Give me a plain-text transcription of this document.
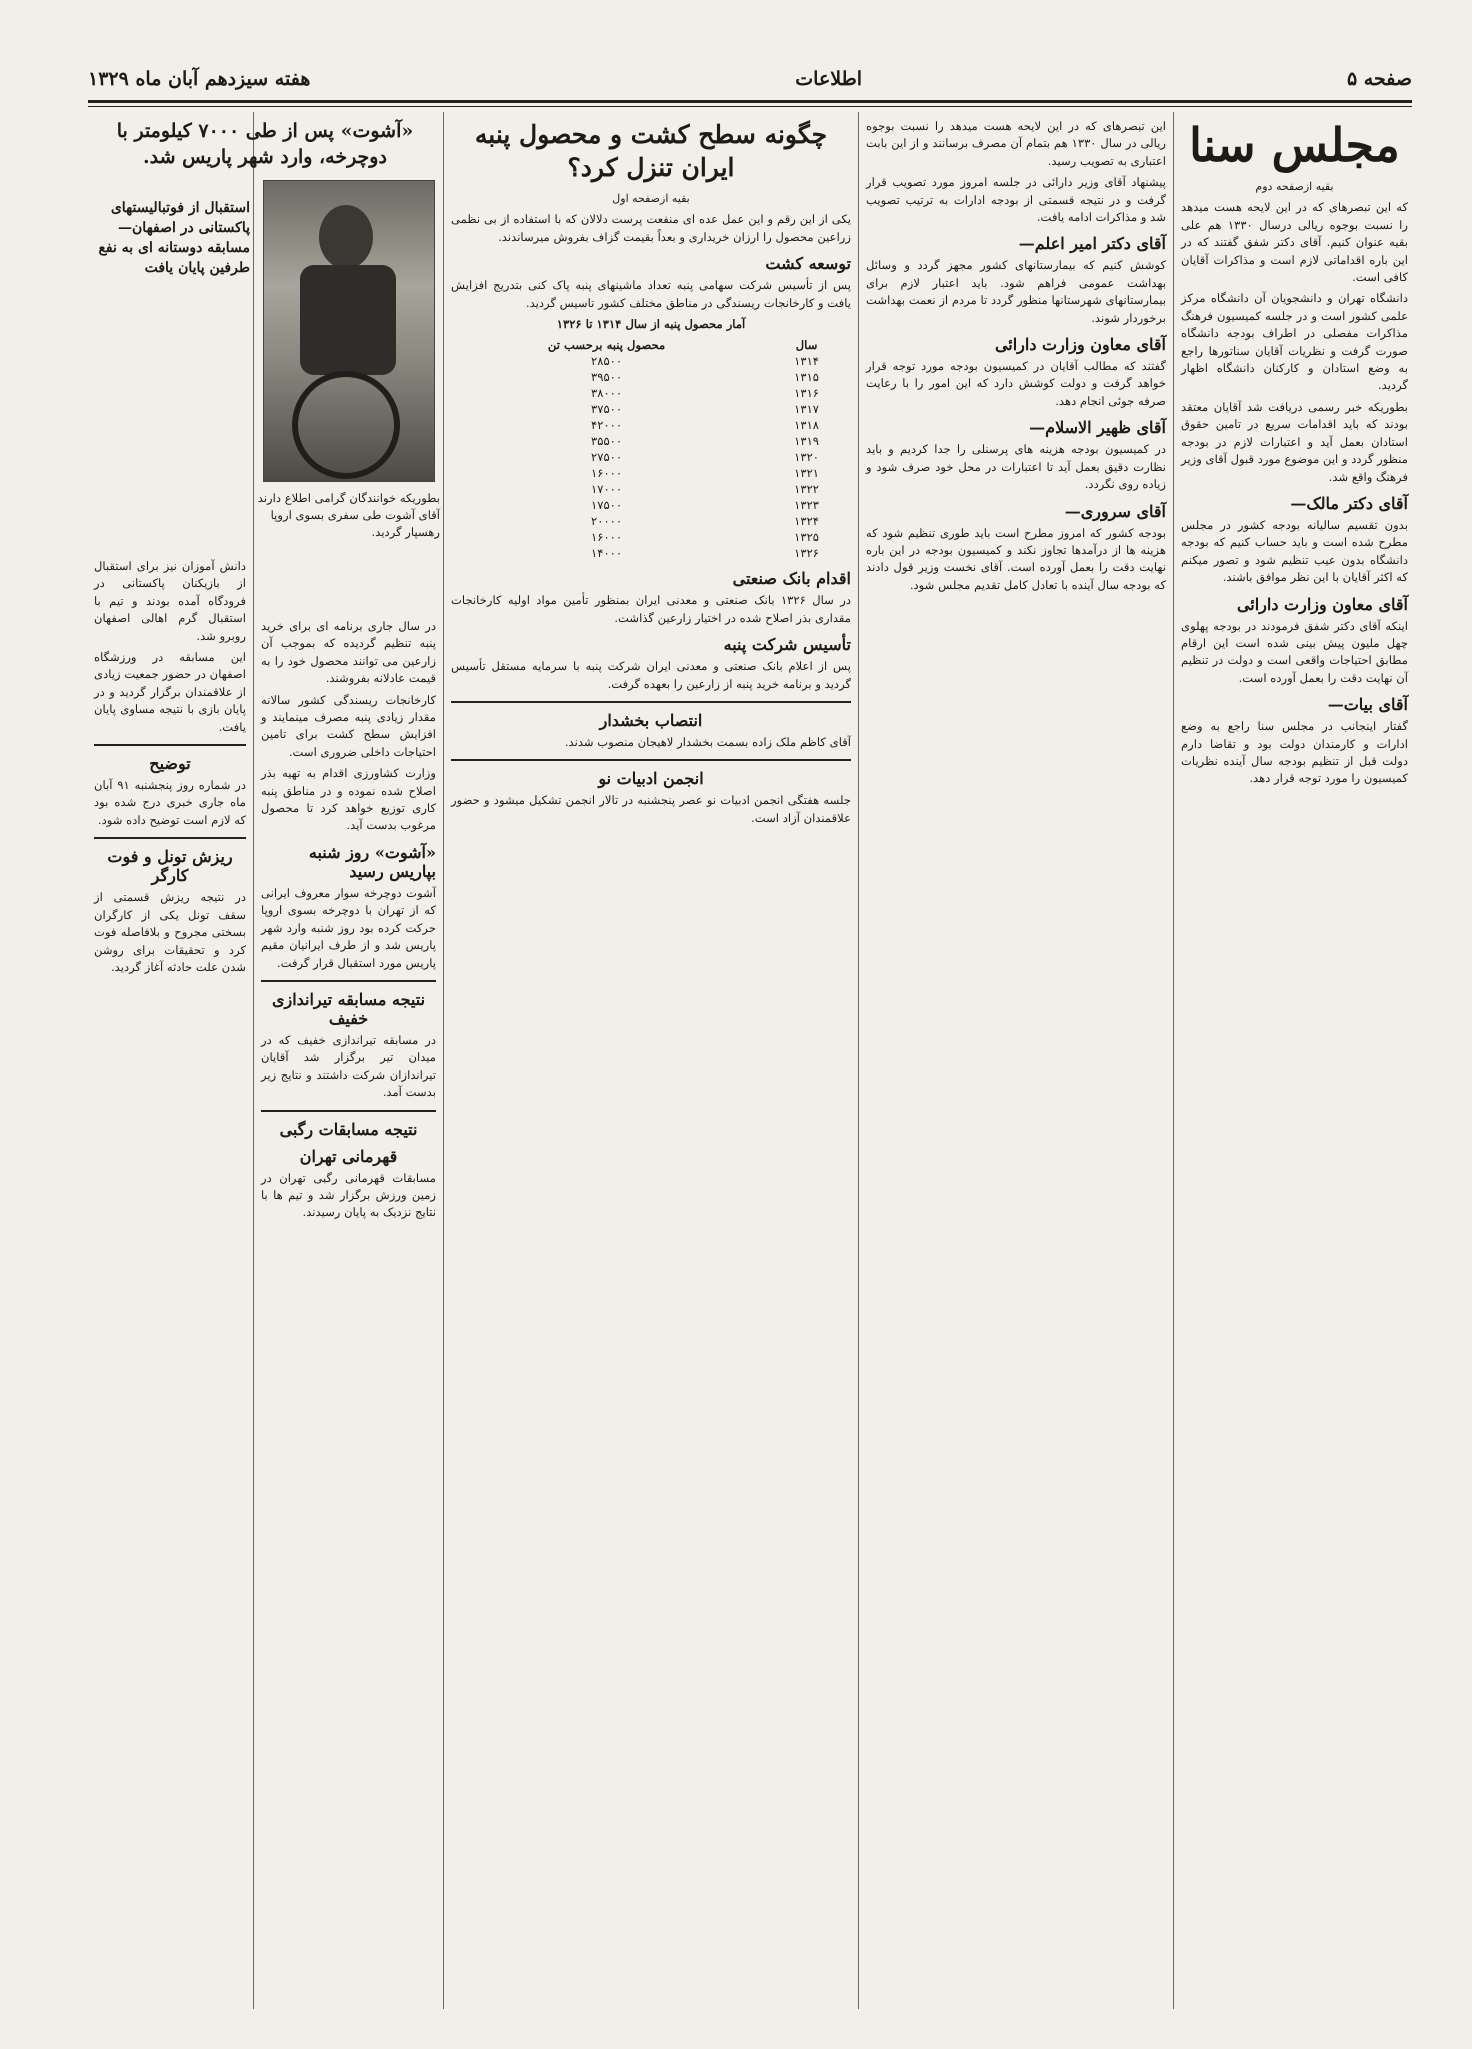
صفحه ۵
اطلاعات
هفته سیزدهم آبان ماه ۱۳۲۹
مجلس سنا

بقیه ازصفحه دوم

که این تبصرهای که در این لایحه هست میدهد را نسبت بوجوه ریالی درسال ۱۳۳۰ هم علی بقیه عنوان کنیم. آقای دکتر شفق گفتند که در این باره اقداماتی لازم است و مذاکرات آقایان کافی است.

دانشگاه تهران و دانشجویان آن دانشگاه مرکز علمی کشور است و در جلسه کمیسیون فرهنگ مذاکرات مفصلی در اطراف بودجه دانشگاه صورت گرفت و نظریات آقایان سناتورها راجع به وضع استادان و کارکنان دانشگاه اظهار گردید.

بطوریکه خبر رسمی دریافت شد آقایان معتقد بودند که باید اقدامات سریع در تامین حقوق استادان بعمل آید و اعتبارات لازم در بودجه منظور گردد و این موضوع مورد قبول آقای وزیر فرهنگ واقع شد.

آقای دکتر مالک—

بدون تقسیم سالیانه بودجه کشور در مجلس مطرح شده است و باید حساب کنیم که بودجه دانشگاه بدون عیب تنظیم شود و تصور میکنم که اکثر آقایان با این نظر موافق باشند.

آقای معاون وزارت دارائی

اینکه آقای دکتر شفق فرمودند در بودجه پهلوی چهل ملیون پیش بینی شده است این ارقام مطابق احتیاجات واقعی است و دولت در تنظیم آن نهایت دقت را بعمل آورده است.

آقای بیات—

گفتار اینجانب در مجلس سنا راجع به وضع ادارات و کارمندان دولت بود و تقاضا دارم دولت قبل از تنظیم بودجه سال آینده نظریات کمیسیون را مورد توجه قرار دهد.

این تبصرهای که در این لایحه هست میدهد را نسبت بوجوه ریالی در سال ۱۳۳۰ هم بتمام آن مصرف برسانند و از این بابت اعتباری به تصویب رسید.

پیشنهاد آقای وزیر دارائی در جلسه امروز مورد تصویب قرار گرفت و در نتیجه قسمتی از بودجه ادارات به ترتیب تصویب شد و مذاکرات ادامه یافت.

آقای دکتر امیر اعلم—

کوشش کنیم که بیمارستانهای کشور مجهز گردد و وسائل بهداشت عمومی فراهم شود. باید اعتبار لازم برای بیمارستانهای شهرستانها منظور گردد تا مردم از نعمت بهداشت برخوردار شوند.

آقای معاون وزارت دارائی

گفتند که مطالب آقایان در کمیسیون بودجه مورد توجه قرار خواهد گرفت و دولت کوشش دارد که این امور را با رعایت صرفه جوئی انجام دهد.

آقای ظهیر الاسلام—

در کمیسیون بودجه هزینه های پرسنلی را جدا کردیم و باید نظارت دقیق بعمل آید تا اعتبارات در محل خود صرف شود و زیاده روی نگردد.

آقای سروری—

بودجه کشور که امروز مطرح است باید طوری تنظیم شود که هزینه ها از درآمدها تجاوز نکند و کمیسیون بودجه در این باره نهایت دقت را بعمل آورده است. آقای نخست وزیر قول دادند که بودجه سال آینده با تعادل کامل تقدیم مجلس شود.

چگونه سطح کشت و محصول پنبه ایران تنزل کرد؟

بقیه ازصفحه اول

یکی از این رقم و این عمل عده ای منفعت پرست دلالان که با استفاده از بی نظمی زراعین محصول را ارزان خریداری و بعداً بقیمت گزاف بفروش میرساندند.

توسعه کشت

پس از تأسیس شرکت سهامی پنبه تعداد ماشینهای پنبه پاک کنی بتدریج افزایش یافت و کارخانجات ریسندگی در مناطق مختلف کشور تاسیس گردید.

آمار محصول پنبه از سال ۱۳۱۴ تا ۱۳۲۶

سال	محصول پنبه برحسب تن
۱۳۱۴	۲۸۵۰۰
۱۳۱۵	۳۹۵۰۰
۱۳۱۶	۳۸۰۰۰
۱۳۱۷	۳۷۵۰۰
۱۳۱۸	۴۲۰۰۰
۱۳۱۹	۳۵۵۰۰
۱۳۲۰	۲۷۵۰۰
۱۳۲۱	۱۶۰۰۰
۱۳۲۲	۱۷۰۰۰
۱۳۲۳	۱۷۵۰۰
۱۳۲۴	۲۰۰۰۰
۱۳۲۵	۱۶۰۰۰
۱۳۲۶	۱۴۰۰۰
اقدام بانک صنعتی

در سال ۱۳۲۶ بانک صنعتی و معدنی ایران بمنظور تأمین مواد اولیه کارخانجات مقداری بذر اصلاح شده در اختیار زارعین گذاشت.

تأسیس شرکت پنبه

پس از اعلام بانک صنعتی و معدنی ایران شرکت پنبه با سرمایه مستقل تأسیس گردید و برنامه خرید پنبه از زارعین را بعهده گرفت.

انتصاب بخشدار

آقای کاظم ملک زاده بسمت بخشدار لاهیجان منصوب شدند.

انجمن ادبیات نو

جلسه هفتگی انجمن ادبیات نو عصر پنجشنبه در تالار انجمن تشکیل میشود و حضور علاقمندان آزاد است.

در سال جاری برنامه ای برای خرید پنبه تنظیم گردیده که بموجب آن زارعین می توانند محصول خود را به قیمت عادلانه بفروشند.

کارخانجات ریسندگی کشور سالانه مقدار زیادی پنبه مصرف مینمایند و افزایش سطح کشت برای تامین احتیاجات داخلی ضروری است.

وزارت کشاورزی اقدام به تهیه بذر اصلاح شده نموده و در مناطق پنبه کاری توزیع خواهد کرد تا محصول مرغوب بدست آید.

«آشوت» روز شنبه بپاریس رسید

آشوت دوچرخه سوار معروف ایرانی که از تهران با دوچرخه بسوی اروپا حرکت کرده بود روز شنبه وارد شهر پاریس شد و از طرف ایرانیان مقیم پاریس مورد استقبال قرار گرفت.

نتیجه مسابقه تیراندازی خفیف

در مسابقه تیراندازی خفیف که در میدان تیر برگزار شد آقایان تیراندازان شرکت داشتند و نتایج زیر بدست آمد.

نتیجه مسابقات رگبی
قهرمانی تهران

مسابقات قهرمانی رگبی تهران در زمین ورزش برگزار شد و تیم ها با نتایج نزدیک به پایان رسیدند.

دانش آموزان نیز برای استقبال از بازیکنان پاکستانی در فرودگاه آمده بودند و تیم با استقبال گرم اهالی اصفهان روبرو شد.

این مسابقه در ورزشگاه اصفهان در حضور جمعیت زیادی از علاقمندان برگزار گردید و در پایان بازی با نتیجه مساوی پایان یافت.

توضیح

در شماره روز پنجشنبه ۹۱ آبان ماه جاری خبری درج شده بود که لازم است توضیح داده شود.

ریزش تونل و فوت کارگر

در نتیجه ریزش قسمتی از سقف تونل یکی از کارگران بسختی مجروح و بلافاصله فوت کرد و تحقیقات برای روشن شدن علت حادثه آغاز گردید.

«آشوت» پس از طی ۷۰۰۰ کیلومتر با دوچرخه، وارد شهر پاریس شد.

بطوریکه خوانندگان گرامی اطلاع دارند آقای آشوت طی سفری بسوی اروپا رهسپار گردید.

استقبال از فوتبالیستهای پاکستانی در اصفهان— مسابقه دوستانه ای به نفع طرفین پایان یافت
